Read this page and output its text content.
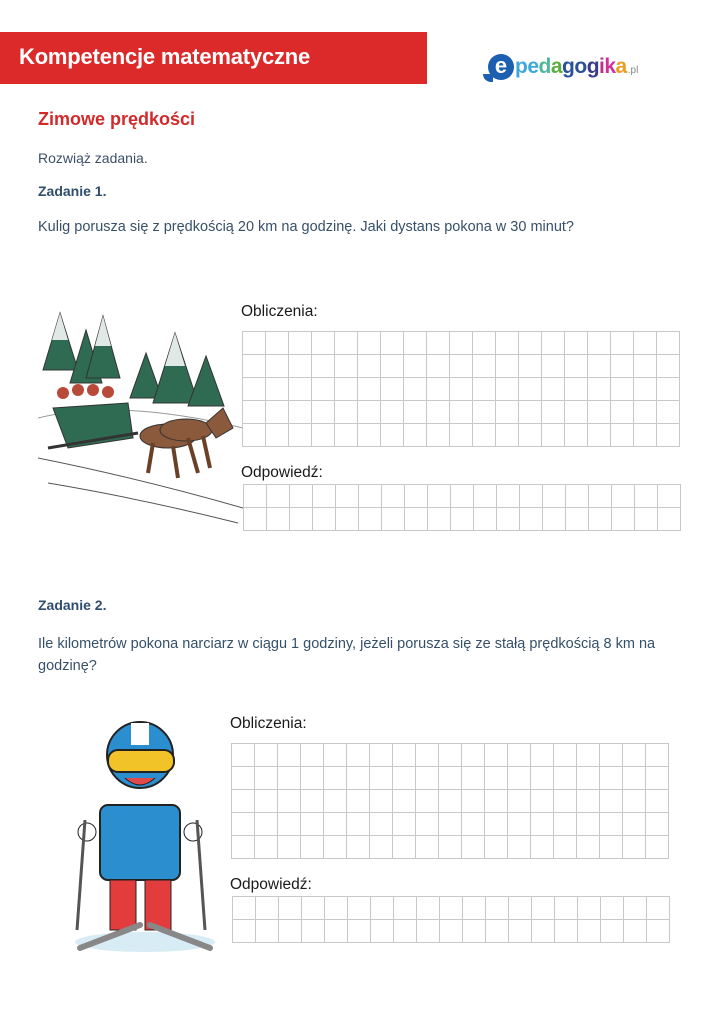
Kompetencje matematyczne	e pedagogika .pl
Zimowe prędkości
Rozwiąż zadania.
Zadanie 1.
Kulig porusza się z prędkością 20 km na godzinę. Jaki dystans pokona w 30 minut?
Obliczenia:
Odpowiedź:
Zadanie 2.
Ile kilometrów pokona narciarz w ciągu 1 godziny, jeżeli porusza się ze stałą prędkością 8 km na godzinę?
Obliczenia:
Odpowiedź:
